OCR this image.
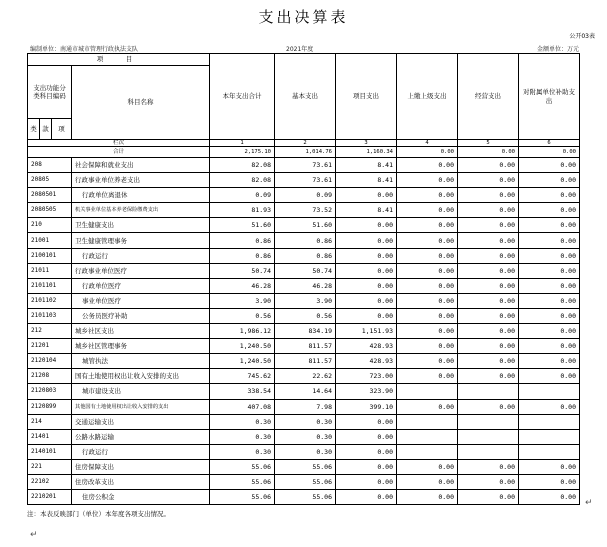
支出决算表
公开03表
编制单位：南通市城市管理行政执法支队	2021年度	金额单位：万元
项　目				本年支出合计	基本支出	项目支出	上缴上级支出	经营支出	对附属单位补助支出
支出功能分类科目编码			科目名称						
类	款	项							
栏次				1	2	3	4	5	6
合计				2,175.10	1,014.76	1,160.34	0.00	0.00	0.00
208			社会保障和就业支出	82.08	73.61	8.41	0.00	0.00	0.00
20805			行政事业单位养老支出	82.08	73.61	8.41	0.00	0.00	0.00
2080501			行政单位离退休	0.09	0.09	0.00	0.00	0.00	0.00
2080505			机关事业单位基本养老保险缴费支出	81.93	73.52	8.41	0.00	0.00	0.00
210			卫生健康支出	51.60	51.60	0.00	0.00	0.00	0.00
21001			卫生健康管理事务	0.86	0.86	0.00	0.00	0.00	0.00
2100101			行政运行	0.86	0.86	0.00	0.00	0.00	0.00
21011			行政事业单位医疗	50.74	50.74	0.00	0.00	0.00	0.00
2101101			行政单位医疗	46.28	46.28	0.00	0.00	0.00	0.00
2101102			事业单位医疗	3.90	3.90	0.00	0.00	0.00	0.00
2101103			公务员医疗补助	0.56	0.56	0.00	0.00	0.00	0.00
212			城乡社区支出	1,986.12	834.19	1,151.93	0.00	0.00	0.00
21201			城乡社区管理事务	1,240.50	811.57	428.93	0.00	0.00	0.00
2120104			城管执法	1,240.50	811.57	428.93	0.00	0.00	0.00
21208			国有土地使用权出让收入安排的支出	745.62	22.62	723.00	0.00	0.00	0.00
2120803			城市建设支出	338.54	14.64	323.90			
2120899			其他国有土地使用权出让收入安排的支出	407.08	7.98	399.10	0.00	0.00	0.00
214			交通运输支出	0.30	0.30	0.00			
21401			公路水路运输	0.30	0.30	0.00			
2140101			行政运行	0.30	0.30	0.00			
221			住房保障支出	55.06	55.06	0.00	0.00	0.00	0.00
22102			住房改革支出	55.06	55.06	0.00	0.00	0.00	0.00
2210201			住房公积金	55.06	55.06	0.00	0.00	0.00	0.00
注：本表反映部门（单位）本年度各项支出情况。
↵
↵
